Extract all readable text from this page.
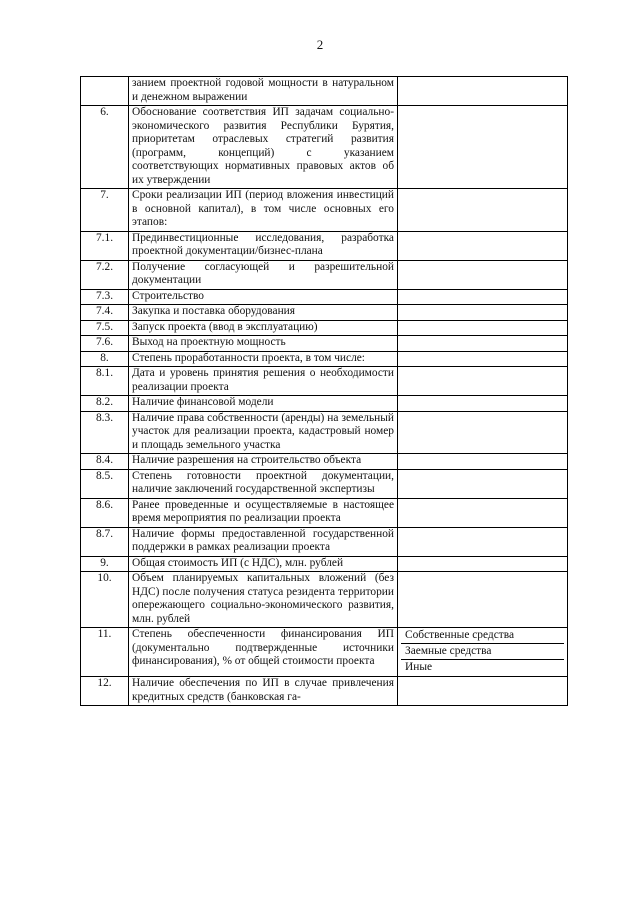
2
	занием проектной годовой мощности в натуральном и денежном выражении	
6.	Обоснование соответствия ИП задачам социально-экономического развития Республики Бурятия, приоритетам отраслевых стратегий развития (программ, концепций) с указанием соответствующих нормативных правовых актов об их утверждении	
7.	Сроки реализации ИП (период вложения инвестиций в основной капитал), в том числе основных его этапов:	
7.1.	Прединвестиционные исследования, разработка проектной документации/бизнес-плана	
7.2.	Получение согласующей и разрешительной документации	
7.3.	Строительство	
7.4.	Закупка и поставка оборудования	
7.5.	Запуск проекта (ввод в эксплуатацию)	
7.6.	Выход на проектную мощность	
8.	Степень проработанности проекта, в том числе:	
8.1.	Дата и уровень принятия решения о необходимости реализации проекта	
8.2.	Наличие финансовой модели	
8.3.	Наличие права собственности (аренды) на земельный участок для реализации проекта, кадастровый номер и площадь земельного участка	
8.4.	Наличие разрешения на строительство объекта	
8.5.	Степень готовности проектной документации, наличие заключений государственной экспертизы	
8.6.	Ранее проведенные и осуществляемые в настоящее время мероприятия по реализации проекта	
8.7.	Наличие формы предоставленной государственной поддержки в рамках реализации проекта	
9.	Общая стоимость ИП (с НДС), млн. рублей	
10.	Объем планируемых капитальных вложений (без НДС) после получения статуса резидента территории опережающего социально-экономического развития, млн. рублей	
11.	Степень обеспеченности финансирования ИП (документально подтвержденные источники финансирования), % от общей стоимости проекта	Собственные средства
Заемные средства
Иные

12.	Наличие обеспечения по ИП в случае привлечения кредитных средств (банковская га-	
